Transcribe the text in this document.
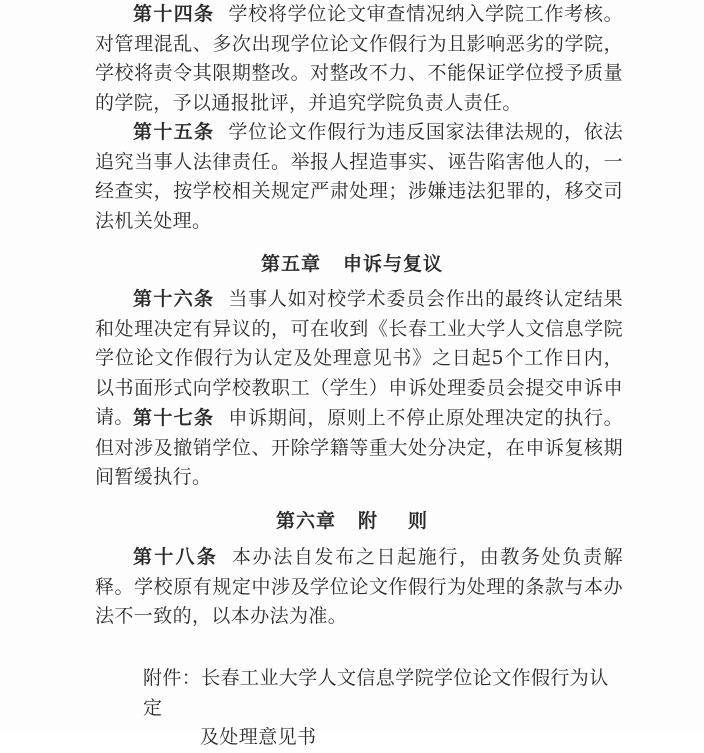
第十四条 学校将学位论文审查情况纳入学院工作考核。对管理混乱、多次出现学位论文作假行为且影响恶劣的学院，学校将责令其限期整改。对整改不力、不能保证学位授予质量的学院，予以通报批评，并追究学院负责人责任。

第十五条 学位论文作假行为违反国家法律法规的，依法追究当事人法律责任。举报人捏造事实、诬告陷害他人的，一经查实，按学校相关规定严肃处理；涉嫌违法犯罪的，移交司法机关处理。

第五章 申诉与复议

第十六条 当事人如对校学术委员会作出的最终认定结果和处理决定有异议的，可在收到《长春工业大学人文信息学院学位论文作假行为认定及处理意见书》之日起5个工作日内，以书面形式向学校教职工（学生）申诉处理委员会提交申诉申请。 第十七条 申诉期间，原则上不停止原处理决定的执行。但对涉及撤销学位、开除学籍等重大处分决定，在申诉复核期间暂缓执行。

第六章 附 则

第十八条 本办法自发布之日起施行，由教务处负责解释。学校原有规定中涉及学位论文作假行为处理的条款与本办法不一致的，以本办法为准。

附件：长春工业大学人文信息学院学位论文作假行为认定
及处理意见书
